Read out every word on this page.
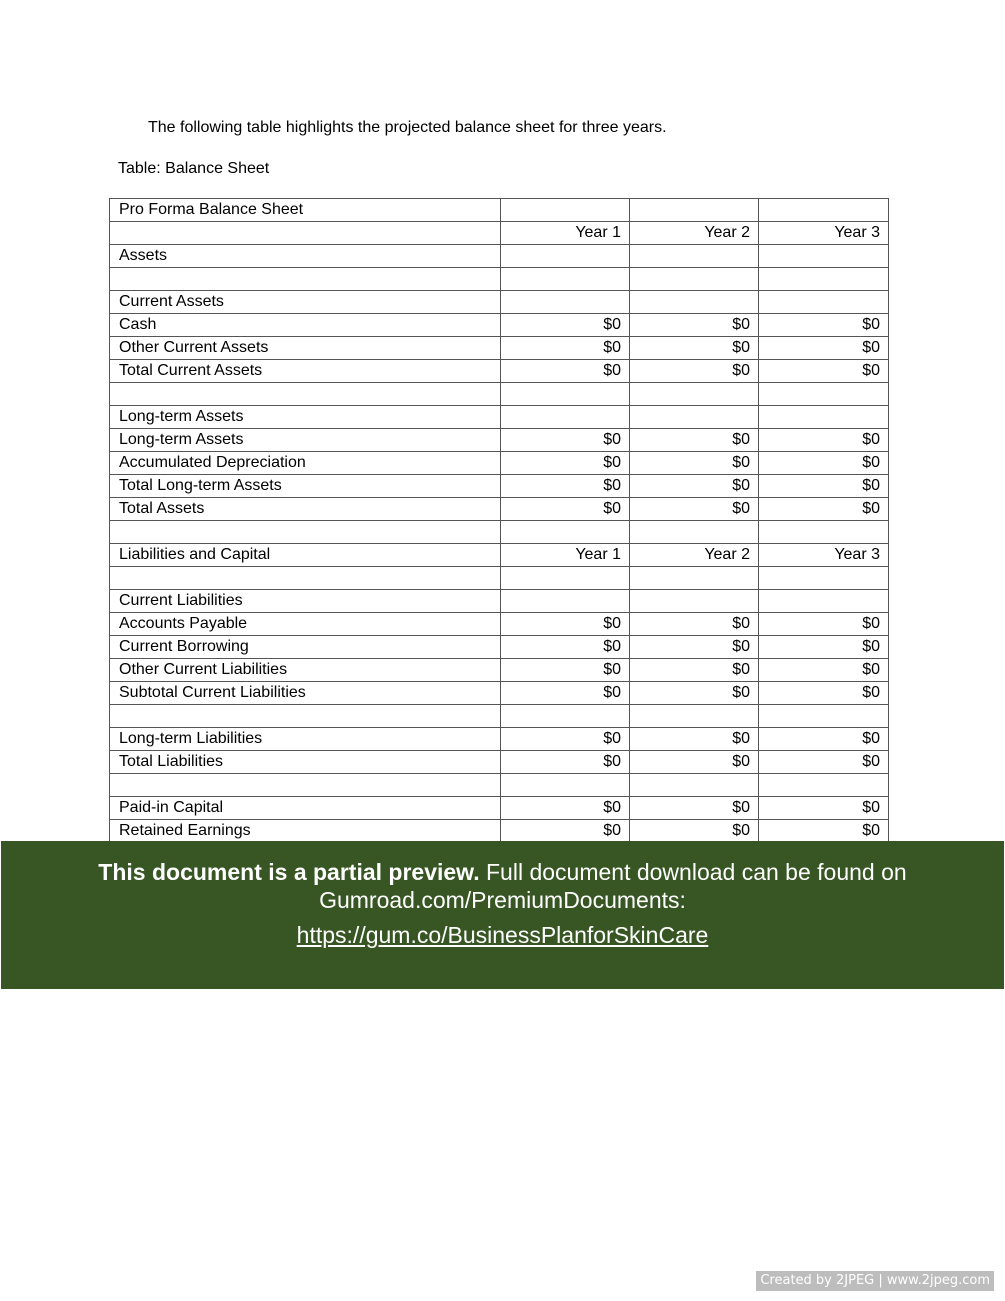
The following table highlights the projected balance sheet for three years.
Table: Balance Sheet
Pro Forma Balance Sheet			
	Year 1	Year 2	Year 3
Assets			

Current Assets			
Cash	$0	$0	$0
Other Current Assets	$0	$0	$0
Total Current Assets	$0	$0	$0

Long-term Assets			
Long-term Assets	$0	$0	$0
Accumulated Depreciation	$0	$0	$0
Total Long-term Assets	$0	$0	$0
Total Assets	$0	$0	$0

Liabilities and Capital	Year 1	Year 2	Year 3

Current Liabilities			
Accounts Payable	$0	$0	$0
Current Borrowing	$0	$0	$0
Other Current Liabilities	$0	$0	$0
Subtotal Current Liabilities	$0	$0	$0

Long-term Liabilities	$0	$0	$0
Total Liabilities	$0	$0	$0

Paid-in Capital	$0	$0	$0
Retained Earnings	$0	$0	$0
This document is a partial preview. Full document download can be found on
Gumroad.com/PremiumDocuments:
https://gum.co/BusinessPlanforSkinCare
Created by 2JPEG | www.2jpeg.com
